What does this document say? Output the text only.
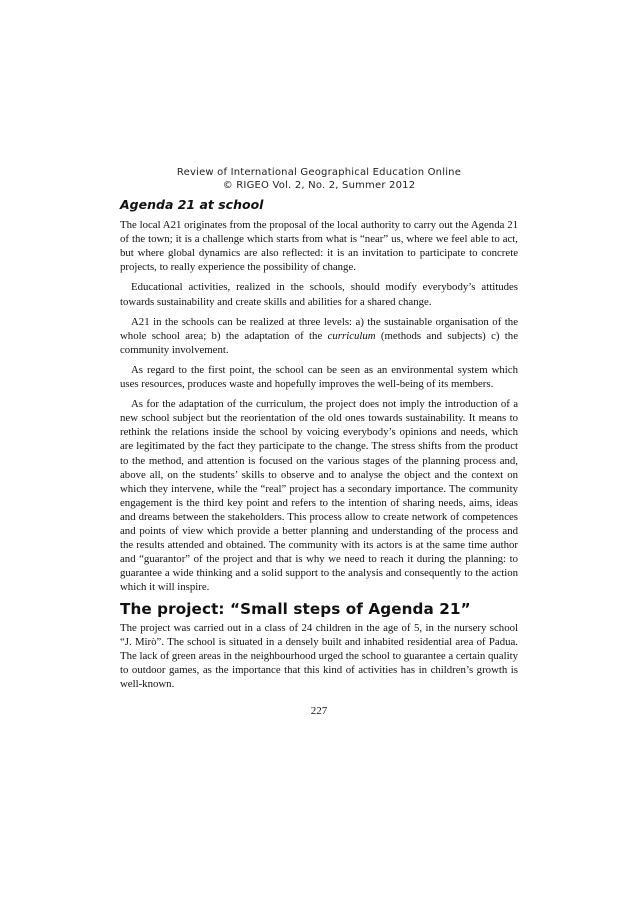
Review of International Geographical Education Online
© RIGEO Vol. 2, No. 2, Summer 2012
Agenda 21 at school

The local A21 originates from the proposal of the local authority to carry out the Agenda 21 of the town; it is a challenge which starts from what is “near” us, where we feel able to act, but where global dynamics are also reflected: it is an invitation to participate to concrete projects, to really experience the possibility of change.

Educational activities, realized in the schools, should modify everybody’s attitudes towards sustainability and create skills and abilities for a shared change.

A21 in the schools can be realized at three levels: a) the sustainable organisation of the whole school area; b) the adaptation of the curriculum (methods and subjects) c) the community involvement.

As regard to the first point, the school can be seen as an environmental system which uses resources, produces waste and hopefully improves the well-being of its members.

As for the adaptation of the curriculum, the project does not imply the introduction of a new school subject but the reorientation of the old ones towards sustainability. It means to rethink the relations inside the school by voicing everybody’s opinions and needs, which are legitimated by the fact they participate to the change. The stress shifts from the product to the method, and attention is focused on the various stages of the planning process and, above all, on the students’ skills to observe and to analyse the object and the context on which they intervene, while the “real” project has a secondary importance. The community engagement is the third key point and refers to the intention of sharing needs, aims, ideas and dreams between the stakeholders. This process allow to create network of competences and points of view which provide a better planning and understanding of the process and the results attended and obtained. The community with its actors is at the same time author and “guarantor” of the project and that is why we need to reach it during the planning: to guarantee a wide thinking and a solid support to the analysis and consequently to the action which it will inspire.

The project: “Small steps of Agenda 21”

The project was carried out in a class of 24 children in the age of 5, in the nursery school “J. Mirò”. The school is situated in a densely built and inhabited residential area of Padua. The lack of green areas in the neighbourhood urged the school to guarantee a certain quality to outdoor games, as the importance that this kind of activities has in children’s growth is well-known.

227
